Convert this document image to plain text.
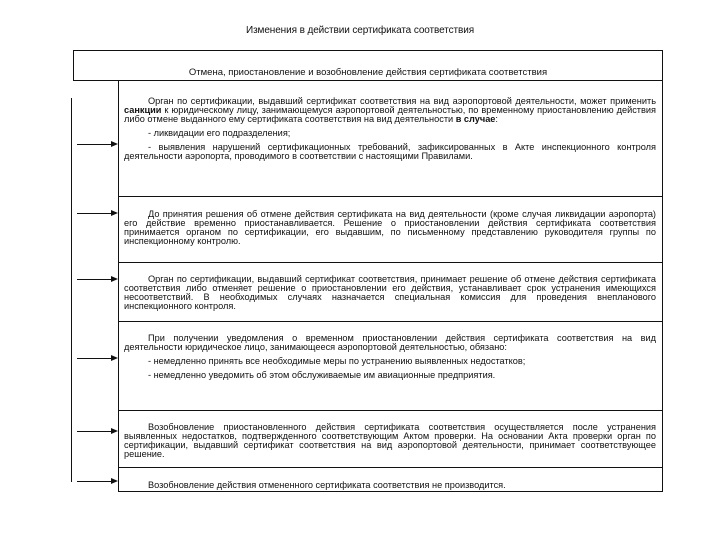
Изменения в действии сертификата соответствия
Отмена, приостановление и возобновление действия сертификата соответствия

Орган по сертификации, выдавший сертификат соответствия на вид аэропортовой деятельности, может применить санкции к юридическому лицу, занимающемуся аэропортовой деятельностью, по временному приостановлению действия либо отмене выданного ему сертификата соответствия на вид деятельности в случае:

- ликвидации его подразделения;

- выявления нарушений сертификационных требований, зафиксированных в Акте инспекционного контроля деятельности аэропорта, проводимого в соответствии с настоящими Правилами.

До принятия решения об отмене действия сертификата на вид деятельности (кроме случая ликвидации аэропорта) его действие временно приостанавливается. Решение о приостановлении действия сертификата соответствия принимается органом по сертификации, его выдавшим, по письменному представлению руководителя группы по инспекционному контролю.

Орган по сертификации, выдавший сертификат соответствия, принимает решение об отмене действия сертификата соответствия либо отменяет решение о приостановлении его действия, устанавливает срок устранения имеющихся несоответствий. В необходимых случаях назначается специальная комиссия для проведения внепланового инспекционного контроля.

При получении уведомления о временном приостановлении действия сертификата соответствия на вид деятельности юридическое лицо, занимающееся аэропортовой деятельностью, обязано:

- немедленно принять все необходимые меры по устранению выявленных недостатков;

- немедленно уведомить об этом обслуживаемые им авиационные предприятия.

Возобновление приостановленного действия сертификата соответствия осуществляется после устранения выявленных недостатков, подтвержденного соответствующим Актом проверки. На основании Акта проверки орган по сертификации, выдавший сертификат соответствия на вид аэропортовой деятельности, принимает соответствующее решение.

Возобновление действия отмененного сертификата соответствия не производится.
